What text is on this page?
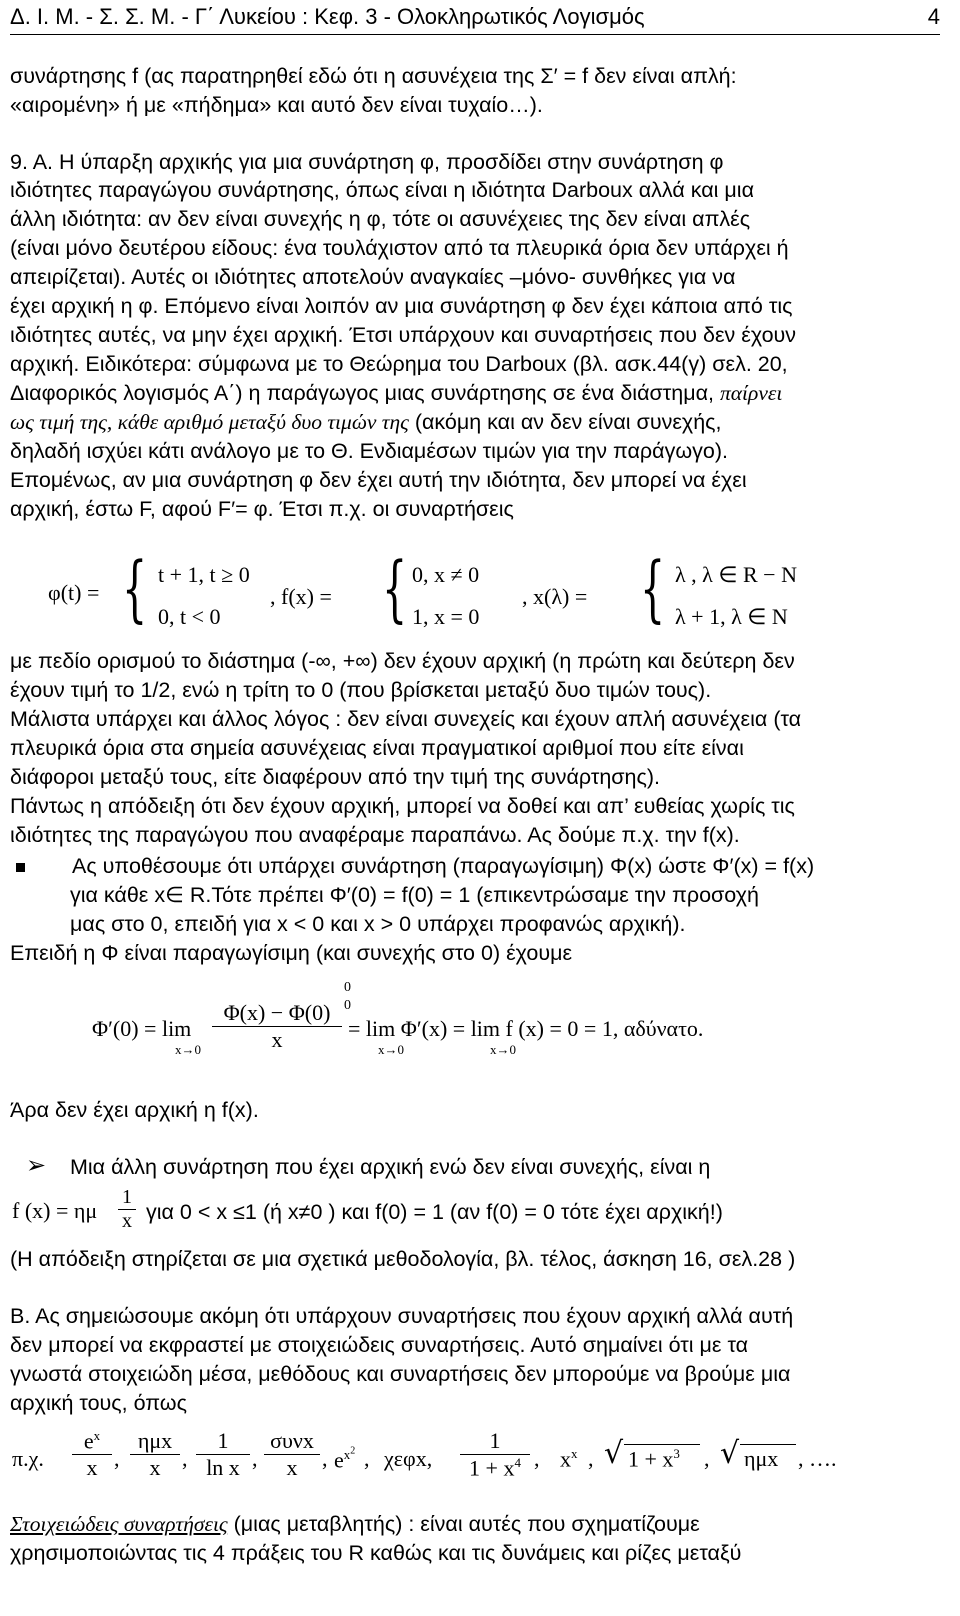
Δ. Ι. Μ. - Σ. Σ. Μ. - Γ΄ Λυκείου : Κεφ. 3 - Ολοκληρωτικός Λογισμός	4
συνάρτησης f (ας παρατηρηθεί εδώ ότι η ασυνέχεια της Σ′ = f δεν είναι απλή:
«αιρομένη» ή με «πήδημα» και αυτό δεν είναι τυχαίο…).
9. Α. Η ύπαρξη αρχικής για μια συνάρτηση φ, προσδίδει στην συνάρτηση φ
ιδιότητες παραγώγου συνάρτησης, όπως είναι η ιδιότητα Darboux αλλά και μια
άλλη ιδιότητα: αν δεν είναι συνεχής η φ, τότε οι ασυνέχειες της δεν είναι απλές
(είναι μόνο δευτέρου είδους: ένα τουλάχιστον από τα πλευρικά όρια δεν υπάρχει ή
απειρίζεται). Αυτές οι ιδιότητες αποτελούν αναγκαίες –μόνο- συνθήκες για να
έχει αρχική η φ. Επόμενο είναι λοιπόν αν μια συνάρτηση φ δεν έχει κάποια από τις
ιδιότητες αυτές, να μην έχει αρχική. Έτσι υπάρχουν και συναρτήσεις που δεν έχουν
αρχική. Ειδικότερα: σύμφωνα με το Θεώρημα του Darboux (βλ. ασκ.44(γ) σελ. 20,
Διαφορικός λογισμός Α΄) η παράγωγος μιας συνάρτησης σε ένα διάστημα, παίρνει
ως τιμή της, κάθε αριθμό μεταξύ δυο τιμών της (ακόμη και αν δεν είναι συνεχής,
δηλαδή ισχύει κάτι ανάλογο με το Θ. Ενδιαμέσων τιμών για την παράγωγο).
Επομένως, αν μια συνάρτηση φ δεν έχει αυτή την ιδιότητα, δεν μπορεί να έχει
αρχική, έστω F, αφού F′= φ. Έτσι π.χ. οι συναρτήσεις
φ(t) = { t + 1, t ≥ 0
0, t < 0
, f(x) = { 0, x ≠ 0
1, x = 0
, x(λ) = { λ , λ ∈ R − N
λ + 1, λ ∈ N
με πεδίο ορισμού το διάστημα (-∞, +∞) δεν έχουν αρχική (η πρώτη και δεύτερη δεν
έχουν τιμή το 1/2, ενώ η τρίτη το 0 (που βρίσκεται μεταξύ δυο τιμών τους).
Μάλιστα υπάρχει και άλλος λόγος : δεν είναι συνεχείς και έχουν απλή ασυνέχεια (τα
πλευρικά όρια στα σημεία ασυνέχειας είναι πραγματικοί αριθμοί που είτε είναι
διάφοροι μεταξύ τους, είτε διαφέρουν από την τιμή της συνάρτησης).
Πάντως η απόδειξη ότι δεν έχουν αρχική, μπορεί να δοθεί και απ’ ευθείας χωρίς τις
ιδιότητες της παραγώγου που αναφέραμε παραπάνω. Ας δούμε π.χ. την f(x).
Ας υποθέσουμε ότι υπάρχει συνάρτηση (παραγωγίσιμη) Φ(x) ώστε Φ′(x) = f(x)
για κάθε x∈ R.Τότε πρέπει Φ′(0) = f(0) = 1 (επικεντρώσαμε την προσοχή
μας στο 0, επειδή για x < 0 και x > 0 υπάρχει προφανώς αρχική).
Επειδή η Φ είναι παραγωγίσιμη (και συνεχής στο 0) έχουμε
Φ′(0) = lim
$x\to 0 \frac{\Phi(x) - \Phi(0)}{x}$
0
0
= lim Φ′(x) = lim f (x) = 0 = 1, αδύνατο.
x→0	x→0
Άρα δεν έχει αρχική η f(x).
➢ Μια άλλη συνάρτηση που έχει αρχική ενώ δεν είναι συνεχής, είναι η
f (x) = ημ $\frac{1}{x}$ για 0 < x ≤1 (ή x≠0 ) και f(0) = 1 (αν f(0) = 0 τότε έχει αρχική!)
(Η απόδειξη στηρίζεται σε μια σχετικά μεθοδολογία, βλ. τέλος, άσκηση 16, σελ.28 )
Β. Ας σημειώσουμε ακόμη ότι υπάρχουν συναρτήσεις που έχουν αρχική αλλά αυτή
δεν μπορεί να εκφραστεί με στοιχειώδεις συναρτήσεις. Αυτό σημαίνει ότι με τα
γνωστά στοιχειώδη μέσα, μεθόδους και συναρτήσεις δεν μπορούμε να βρούμε μια
αρχική τους, όπως
π.χ. $\frac{e^x}{x}$ ,
ημx
x , $\frac{1}{\text{ln x}}$ ,
συνx
x	, $e^{x^2}$ , χεφx, $\frac{1}{1 + x^4}$ , $x^x$ , √ $1 + x^3$ , √ ημx , ….
Στοιχειώδεις συναρτήσεις (μιας μεταβλητής) : είναι αυτές που σχηματίζουμε
χρησιμοποιώντας τις 4 πράξεις του R καθώς και τις δυνάμεις και ρίζες μεταξύ
